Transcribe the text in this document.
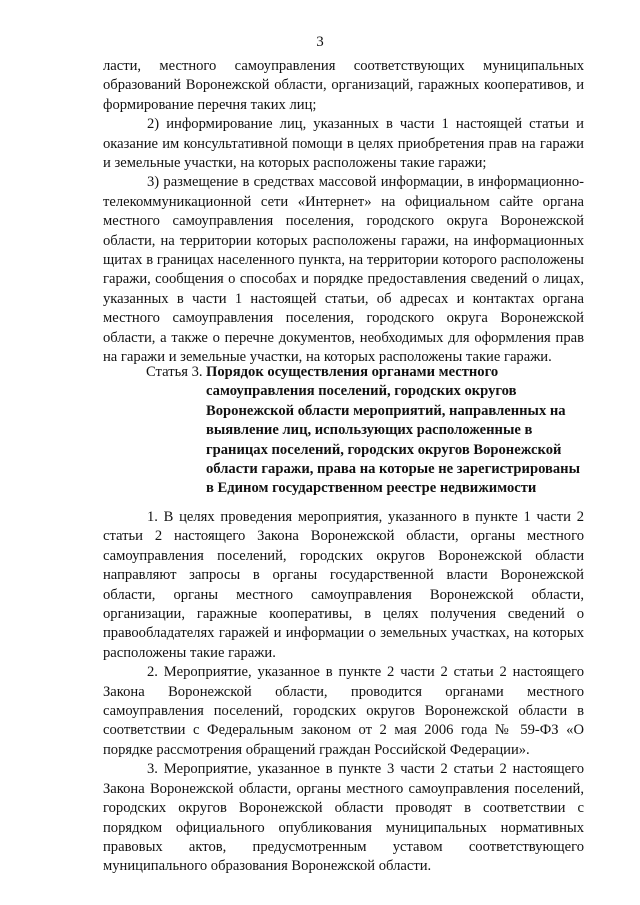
3

ласти, местного самоуправления соответствующих муниципальных образований Воронежской области, организаций, гаражных кооперативов, и формирование перечня таких лиц;

2) информирование лиц, указанных в части 1 настоящей статьи и оказание им консультативной помощи в целях приобретения прав на гаражи и земельные участки, на которых расположены такие гаражи;

3) размещение в средствах массовой информации, в информационно-телекоммуникационной сети «Интернет» на официальном сайте органа местного самоуправления поселения, городского округа Воронежской области, на территории которых расположены гаражи, на информационных щитах в границах населенного пункта, на территории которого расположены гаражи, сообщения о способах и порядке предоставления сведений о лицах, указанных в части 1 настоящей статьи, об адресах и контактах органа местного самоуправления поселения, городского округа Воронежской области, а также о перечне документов, необходимых для оформления прав на гаражи и земельные участки, на которых расположены такие гаражи.

Статья 3. Порядок осуществления органами местного самоуправления поселений, городских округов Воронежской области мероприятий, направленных на выявление лиц, использующих расположенные в границах поселений, городских округов Воронежской области гаражи, права на которые не зарегистрированы в Едином государственном реестре недвижимости

1. В целях проведения мероприятия, указанного в пункте 1 части 2 статьи 2 настоящего Закона Воронежской области, органы местного самоуправления поселений, городских округов Воронежской области направляют запросы в органы государственной власти Воронежской области, органы местного самоуправления Воронежской области, организации, гаражные кооперативы, в целях получения сведений о правообладателях гаражей и информации о земельных участках, на которых расположены такие гаражи.

2. Мероприятие, указанное в пункте 2 части 2 статьи 2 настоящего Закона Воронежской области, проводится органами местного самоуправления поселений, городских округов Воронежской области в соответствии с Федеральным законом от 2 мая 2006 года № 59-ФЗ «О порядке рассмотрения обращений граждан Российской Федерации».

3. Мероприятие, указанное в пункте 3 части 2 статьи 2 настоящего Закона Воронежской области, органы местного самоуправления поселений, городских округов Воронежской области проводят в соответствии с порядком официального опубликования муниципальных нормативных правовых актов, предусмотренным уставом соответствующего муниципального образования Воронежской области.
